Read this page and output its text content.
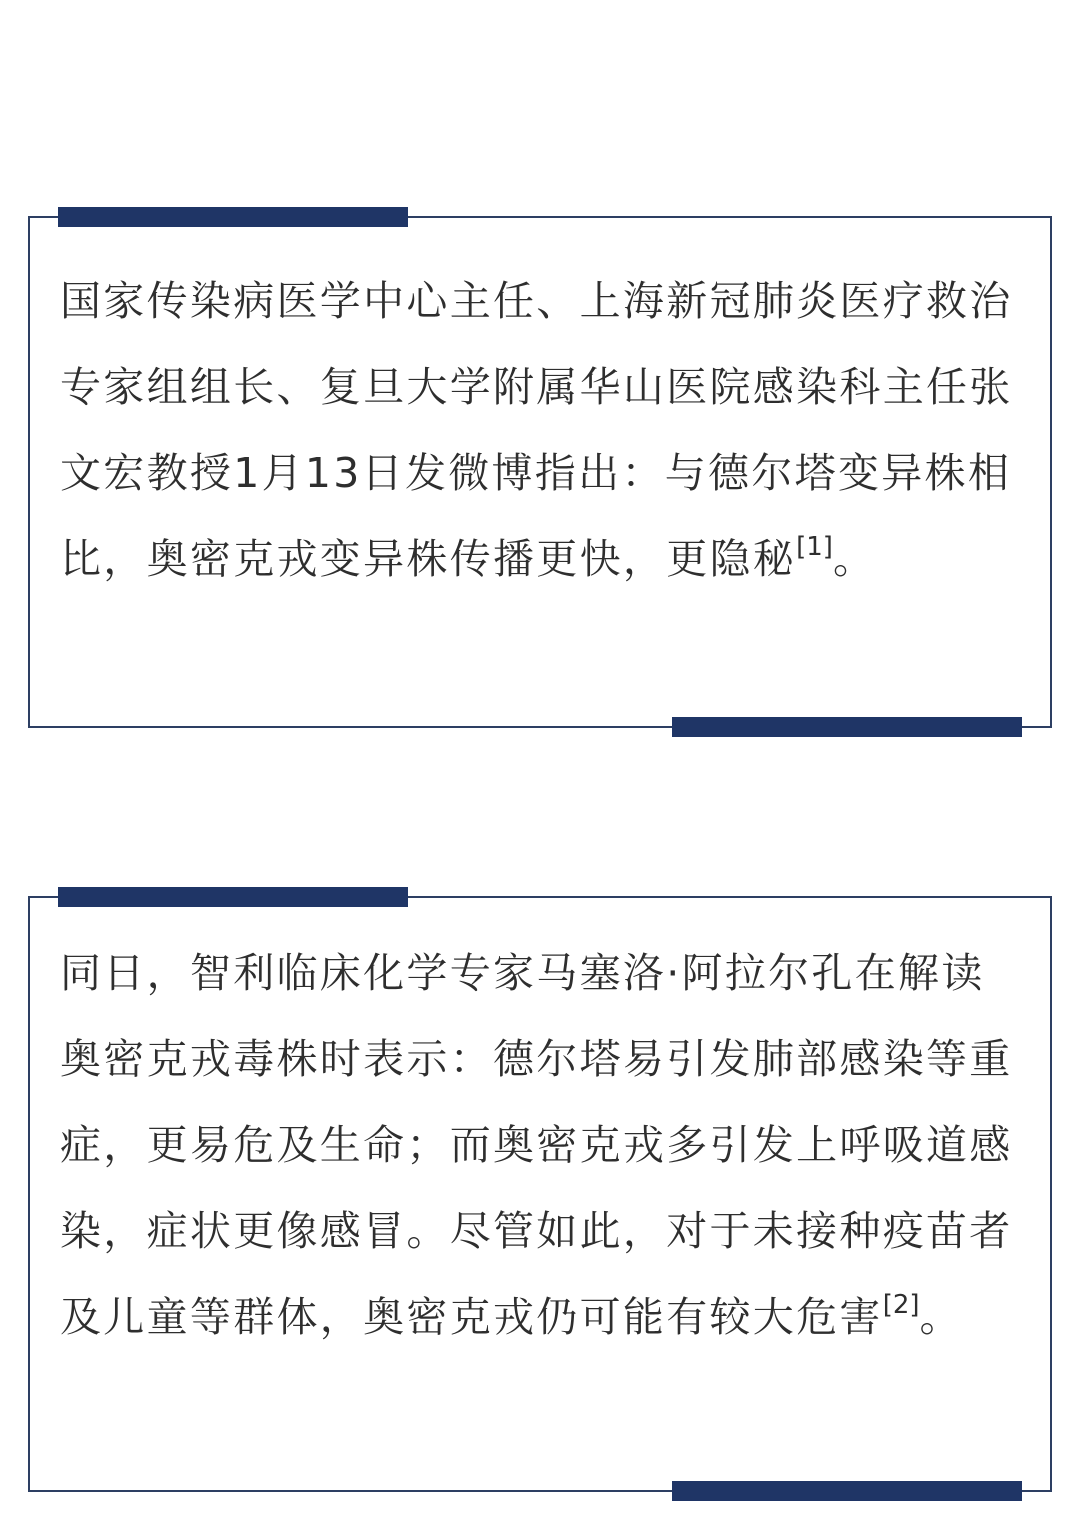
国家传染病医学中心主任、上海新冠肺炎医疗救治专家组组长、复旦大学附属华山医院感染科主任张文宏教授1月13日发微博指出：与德尔塔变异株相比，奥密克戎变异株传播更快，更隐秘[1]。

同日，智利临床化学专家马塞洛·阿拉尔孔在解读奥密克戎毒株时表示：德尔塔易引发肺部感染等重症，更易危及生命；而奥密克戎多引发上呼吸道感染，症状更像感冒。尽管如此，对于未接种疫苗者及儿童等群体，奥密克戎仍可能有较大危害[2]。
